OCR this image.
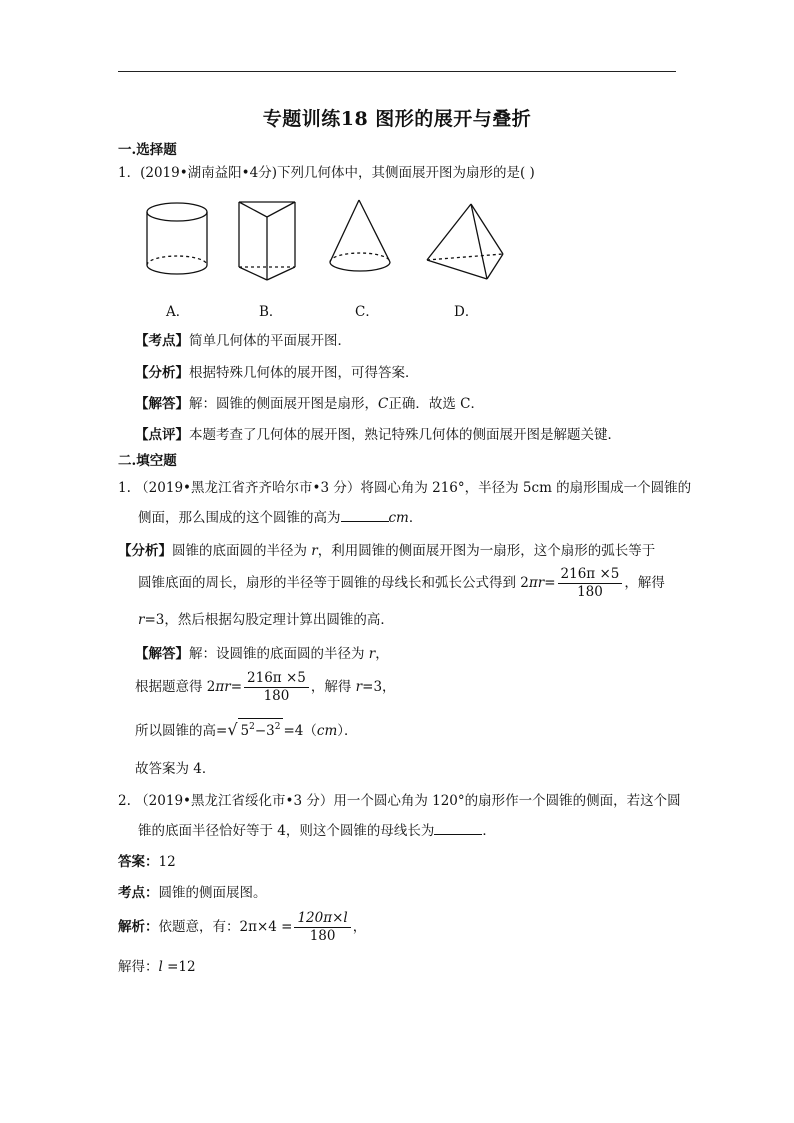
专题训练18 图形的展开与叠折
一.选择题
1．(2019•湖南益阳•4分)下列几何体中，其侧面展开图为扇形的是( )
A．	B．	C．	D．
【考点】简单几何体的平面展开图．
【分析】根据特殊几何体的展开图，可得答案．
【解答】解：圆锥的侧面展开图是扇形，C正确．故选 C．
【点评】本题考查了几何体的展开图，熟记特殊几何体的侧面展开图是解题关键．
二.填空题
1. （2019•黑龙江省齐齐哈尔市•3 分）将圆心角为 216°，半径为 5cm 的扇形围成一个圆锥的
侧面，那么围成的这个圆锥的高为	cm．
【分析】圆锥的底面圆的半径为 r，利用圆锥的侧面展开图为一扇形，这个扇形的弧长等于
圆锥底面的周长，扇形的半径等于圆锥的母线长和弧长公式得到 $2\pi r= \frac{216\pi \times 5}{180}$ ，解得
r=3，然后根据勾股定理计算出圆锥的高．
【解答】解：设圆锥的底面圆的半径为 r，
根据题意得 $2\pi r= \frac{216\pi \times 5}{180}$ ，解得 r=3，
所以圆锥的高=√ $5^2-3^2 =4(cm)$．
故答案为 4．
2. （2019•黑龙江省绥化市•3 分）用一个圆心角为 120°的扇形作一个圆锥的侧面，若这个圆
锥的底面半径恰好等于 4，则这个圆锥的母线长为	．
答案：12
考点：圆锥的侧面展图。
解析：依题意，有：$2\pi\times 4 = \frac{120\pi\times l}{180}$ ，
解得：l =12
